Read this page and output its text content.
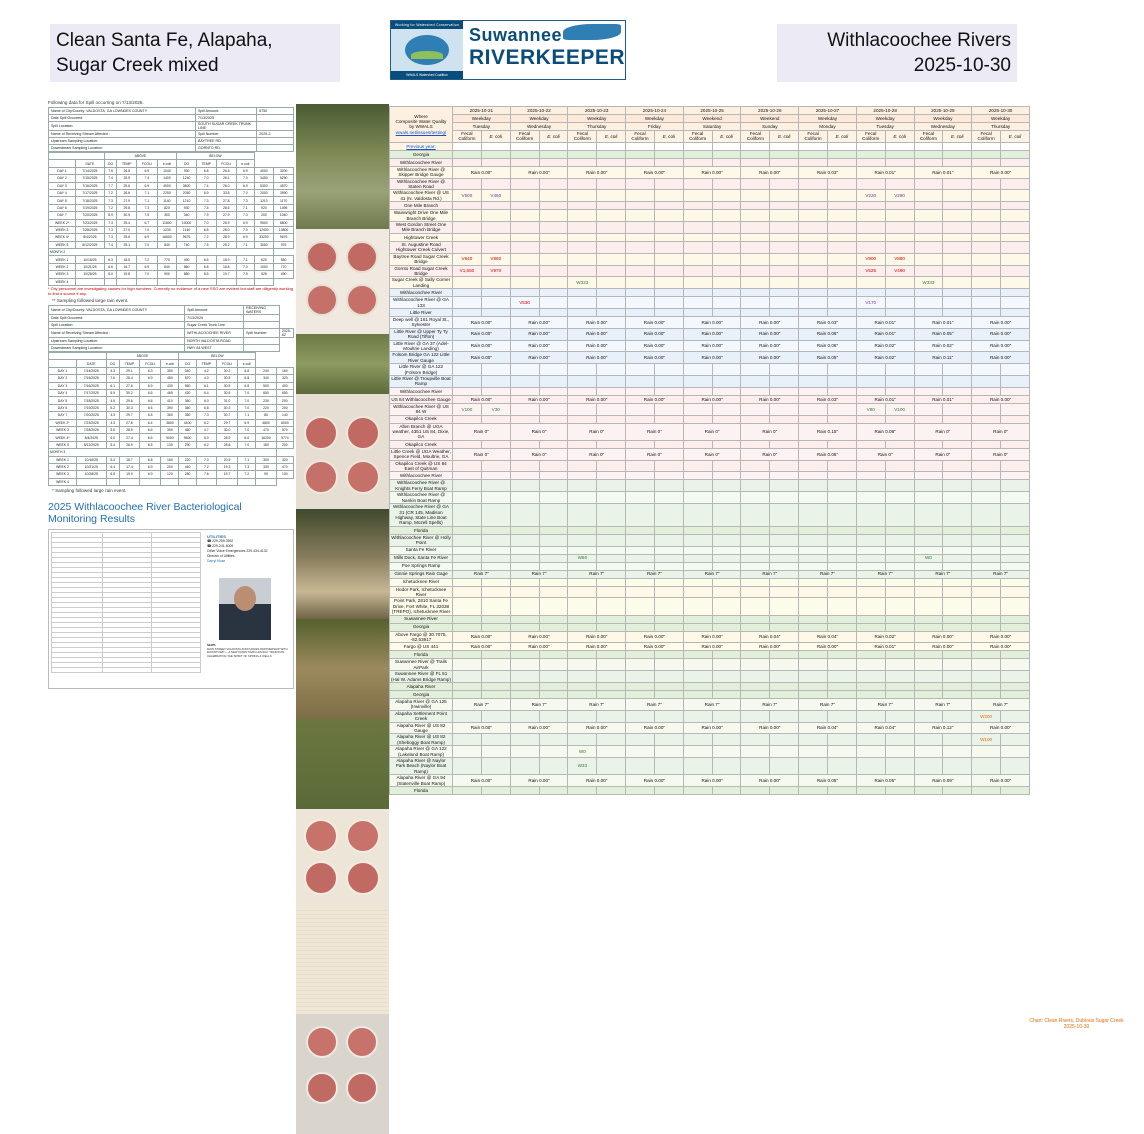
Clean Santa Fe, Alapaha,
Sugar Creek mixed
Working for Watershed Conservation
WWALS Watershed Coalition
Suwannee
RIVERKEEPER
Withlacoochee Rivers
2025-10-30
Following data for Spill occurring on 7/13/2025.
Name of City/County: VALDOSTA, GA LOWNDES COUNTY	Spill Amount:	6750
Date Spill Occurred:	7/13/2025	
Spill Location:	SOUTH SUGAR CREEK TRUNK LINE	
Name of Receiving Stream Affected :	Spill Number	2025-2
Upstream Sampling Location:	BAYTREE RD.	
Downstream Sampling Location:	GORNTO RD.	
		ABOVE				BELOW					
	DATE	DO	TEMP	FCOLI	e-coli	DO	TEMP	FCOLI	e-coli		
DAY 1	7/14/2025	7.5	26.5	6.9	1040	930	6.8	26.5	6.9	4000	3200
DAY 2	7/15/2025	7.4	25.5	7.4	1400	1240	7.0	26.1	7.0	3450	5290
DAY 3	7/16/2025	7.7	25.6	6.9	4900	3800	7.4	26.0	6.9	5300	4570
DAY 4	7/17/2025	7.2	26.6	7.1	2250	2050	6.9	33.8	7.0	2000	3990
DAY 5	7/18/2025	7.3	27.9	7.1	1140	1210	7.3	27.8	7.3	1210	1170
DAY 6	7/19/2025	7.2	29.8	7.3	820	930	7.5	28.6	7.1	920	1495
DAY 7	7/20/2025	8.9	30.9	7.5	300	340	7.9	27.9	7.0	200	1040
WEEK 2*	7/23/2025	7.3	25.4	6.7	11600	10000	7.0	25.9	6.9	9500	8800
WEEK 3	7/28/2025	7.3	27.0	7.0	1230	1140	6.8	26.0	7.0	12400	13800
WEEK 4*	8/4/2025	7.3	25.6	6.9	16600	9676	7.2	28.9	6.9	33200	9676
WEEK 5	8/12/2025	7.4	25.1	7.0	840	740	7.5	25.2	7.1	3050	976
MONTH 2											
WEEK 1	10/16/25	6.3	18.5	7.2	770	490	6.6	18.9	7.1	620	550
WEEK 2	10/21/25	6.6	16.7	6.9	840	860	6.8	16.8	7.0	1000	770
WEEK 3	10/28/25	8.0	19.8	7.0	900	880	8.5	19.7	7.5	525	490
WEEK 4											
* City personnel are investigating causes for high numbers. Currently no evidence of a new SSO are evident but staff are diligently working to find a source if any.
** Sampling followed large rain event.
Name of City/County: VALDOSTA, GA LOWNDES COUNTY	Spill Amount:	RECEIVING WATERS	
Date Spill Occurred:	7/13/2025		
Spill Location:	Sugar Creek Trunk Line		
Name of Receiving Stream Affected :	WITHLACOOCHEE RIVER	Spill Number	2025-82
Upstream Sampling Location:	NORTH VALDOSTA ROAD		
Downstream Sampling Location:	HWY 84 WEST		
		ABOVE				BELOW					
	DATE	DO	TEMP	FCOLI	e-coli	DO	TEMP	FCOLI	e-coli		
DAY 1	7/14/2025	4.3	29.1	6.3	390	340	4.2	30.2	6.8	240	160
DAY 2	7/15/2025	7.6	28.4	6.9	450	570	4.0	30.5	6.8	340	320
DAY 3	7/16/2025	6.1	27.6	6.9	430	560	6.1	30.5	6.8	500	400
DAY 4	7/17/2025	5.9	30.2	6.5	465	420	6.4	30.5	7.0	650	650
DAY 5	7/18/2025	4.5	29.6	6.6	410	360	6.0	31.0	7.0	230	200
DAY 6	7/19/2025	5.2	30.3	6.6	390	360	6.8	30.3	7.0	220	200
DAY 7	7/20/2025	4.3	29.7	6.5	360	350	7.3	30.7	7.1	80	140
WEEK 2*	7/23/2025	4.3	27.6	6.4	3800	4400	6.2	29.7	6.9	4800	6000
WEEK 3	7/28/2025	5.6	28.5	6.6	390	460	4.7	30.0	7.0	470	570
WEEK 4*	8/4/2025	6.0	27.4	6.6	9000	9600	6.0	28.9	6.6	16200	9774
WEEK 5	8/12/2025	5.4	26.9	6.5	130	290	6.2	28.8	7.0	180	200
MONTH 3											
WEEK 1	10/16/25	5.4	18.7	6.8	160	220	7.0	20.9	7.1	300	320
WEEK 2	10/21/25	6.4	17.4	6.9	200	440	7.2	19.3	7.3	330	470
WEEK 3	10/28/25	6.5	19.0	6.9	120	280	7.6	19.7	7.2	90	100
WEEK 4											
* Sampling followed large rain event.
2025 Withlacoochee River Bacteriological Monitoring Results

UTILITIES
☎ 229-259-3592
☎ 229-241-6009
Other Voice Emergencies 229-434-4132
Director of Utilities
Darryl Muse
NEWS:
MAIN STREET VALDOSTA ANNOUNCES PARTNERSHIP WITH DOWNTOWN — A NEW DOWNTOWN HOLIDAY TRADITION CELEBRATING THE SPIRIT OF SPRING & WELLS
Where
Composite Water Quality
by WWALS
wwals.net/issues/testing/	2025-10-21		2025-10-22		2025-10-23		2025-10-24		2025-10-25		2025-10-26		2025-10-27		2025-10-28		2025-10-29		2025-10-30	
	Weekday		Weekday		Weekday		Weekday		Weekend		Weekend		Weekday		Weekday		Weekday		Weekday	
	Tuesday		Wednesday		Thursday		Friday		Saturday		Sunday		Monday		Tuesday		Wednesday		Thursday	
	Fecal Coliform	E. coli	Fecal Coliform	E. coli	Fecal Coliform	E. coli	Fecal Coliform	E. coli	Fecal Coliform	E. coli	Fecal Coliform	E. coli	Fecal Coliform	E. coli	Fecal Coliform	E. coli	Fecal Coliform	E. coli	Fecal Coliform	E. coli
Previous year:																				
Georgia																				
Withlacoochee River																				
Withlacoochee River @ Skipper Bridge Gauge	Rain 0.00"		Rain 0.00"		Rain 0.00"		Rain 0.00"		Rain 0.00"		Rain 0.00"		Rain 0.03"		Rain 0.01"		Rain 0.01"		Rain 0.00"	
Withlacoochee River @ Staten Road																				
Withlacoochee River @ US 41 (N. Valdosta Rd.)	V500	V460													V220	V280				
One Mile Branch																				
Wainwright Drive One Mile Branch Bridge																				
West Gordon Street One Mile Branch Bridge																				
Hightower Creek																				
St. Augustine Road Hightower Creek Culvert																				
Baytree Road Sugar Creek Bridge	V640	V860													V900	V880				
Gornto Road Sugar Creek Bridge	V1,550	V970													V525	V490				
Sugar Creek @ Sally Corner Landing					W333												W333			
Withlacoochee River																				
Withlacoochee River @ GA 133			V530												V170					
Little River																				
Deep well @ 161 Royal St., Sylvester	Rain 0.00"		Rain 0.00"		Rain 0.00"		Rain 0.00"		Rain 0.00"		Rain 0.00"		Rain 0.03"		Rain 0.01"		Rain 0.01"		Rain 0.00"	
Little River @ Upper Ty Ty Road (Tifton)	Rain 0.00"		Rain 0.00"		Rain 0.00"		Rain 0.00"		Rain 0.00"		Rain 0.00"		Rain 0.06"		Rain 0.01"		Rain 0.05"		Rain 0.00"	
Little River @ GA 37 (Adel-Moultrie Landing)	Rain 0.00"		Rain 0.00"		Rain 0.00"		Rain 0.00"		Rain 0.00"		Rain 0.00"		Rain 0.06"		Rain 0.02"		Rain 0.02"		Rain 0.00"	
Folsom Bridge GA 122 Little River Gauge	Rain 0.00"		Rain 0.00"		Rain 0.00"		Rain 0.00"		Rain 0.00"		Rain 0.00"		Rain 0.05"		Rain 0.02"		Rain 0.11"		Rain 0.00"	
Little River @ GA 122 (Folsom Bridge)																				
Little River @ Troupville Boat Ramp																				
Withlacoochee River																				
US 84 Withlacoochee Gauge	Rain 0.00"		Rain 0.00"		Rain 0.00"		Rain 0.00"		Rain 0.00"		Rain 0.00"		Rain 0.03"		Rain 0.01"		Rain 0.01"		Rain 0.00"	
Withlacoochee River @ US 84 W	V100	V30													V80	V100				
Okapilco Creek																				
Allen Branch @ UGA weather, 4351 US 84, Dixie, GA	Rain 0"		Rain 0"		Rain 0"		Rain 0"		Rain 0"		Rain 0"		Rain 0.15"		Rain 0.08"		Rain 0"		Rain 0"	
Okapilco Creek																				
Little Creek @ UGA Weather, Spence Field, Moultrie, GA	Rain 0"		Rain 0"		Rain 0"		Rain 0"		Rain 0"		Rain 0"		Rain 0.06"		Rain 0"		Rain 0"		Rain 0"	
Okapilco Creek @ US 84 East of Quitman																				
Withlacoochee River																				
Withlacoochee River @ Knights Ferry Boat Ramp																				
Withlacoochee River @ Nankin Boat Ramp																				
Withlacoochee River @ GA 31 (CR 145, Madison Highway, State Line Boat Ramp, Mozell Spells)																				
Florida																				
Withlacoochee River @ Holly Point																				
Santa Fe River																				
Mills Dock, Santa Fe River					W66												W0			
Poe Springs Ramp																				
Ginnie Springs Rain Gage	Rain 7"		Rain 7"		Rain 7"		Rain 7"		Rain 7"		Rain 7"		Rain 7"		Rain 7"		Rain 7"		Rain 7"	
Ichetucknee River																				
Hodor Park, Ichetucknee River																				
Point Park, 2810 Santa Fe Drive, Fort White, FL 32038 (TREPO), Ichetucknee River																				
Suwannee River																				
Georgia																				
Above Fargo @ 30.7075, -82.53917	Rain 0.00"		Rain 0.00"		Rain 0.00"		Rain 0.00"		Rain 0.00"		Rain 0.04"		Rain 0.04"		Rain 0.02"		Rain 0.00"		Rain 0.00"	
Fargo @ US 441	Rain 0.00"		Rain 0.00"		Rain 0.00"		Rain 0.00"		Rain 0.00"		Rain 0.00"		Rain 0.00"		Rain 0.01"		Rain 0.00"		Rain 0.00"	
Florida																				
Suwannee River @ Trails AirPark																				
Suwannee River @ FL 51 (Hal W. Adams Bridge Ramp)																				
Alapaha River																				
Georgia																				
Alapaha River @ GA 125 (Irwinville)	Rain 7"		Rain 7"		Rain 7"		Rain 7"		Rain 7"		Rain 7"		Rain 7"		Rain 7"		Rain 7"		Rain 7"	
Alapaha Settlement Point Creek																			W200	
Alapaha River @ US 82 Gauge	Rain 0.00"		Rain 0.00"		Rain 0.00"		Rain 0.00"		Rain 0.00"		Rain 0.00"		Rain 0.04"		Rain 0.04"		Rain 0.12"		Rain 0.00"	
Alapaha River @ US 82 (Sheboggy Boat Ramp)																			W100	
Alapaha River @ GA 122 (Lakeland Boat Ramp)					W0															
Alapaha River @ Naylor Park Beach (Naylor Boat Ramp)					W33															
Alapaha River @ GA 94 (Statenville Boat Ramp)	Rain 0.00"		Rain 0.00"		Rain 0.00"		Rain 0.00"		Rain 0.00"		Rain 0.00"		Rain 0.05"		Rain 0.05"		Rain 0.09"		Rain 0.00"	
Florida																				
Chart: Clean Rivers, Dubious Sugar Creek
2025-10-30
